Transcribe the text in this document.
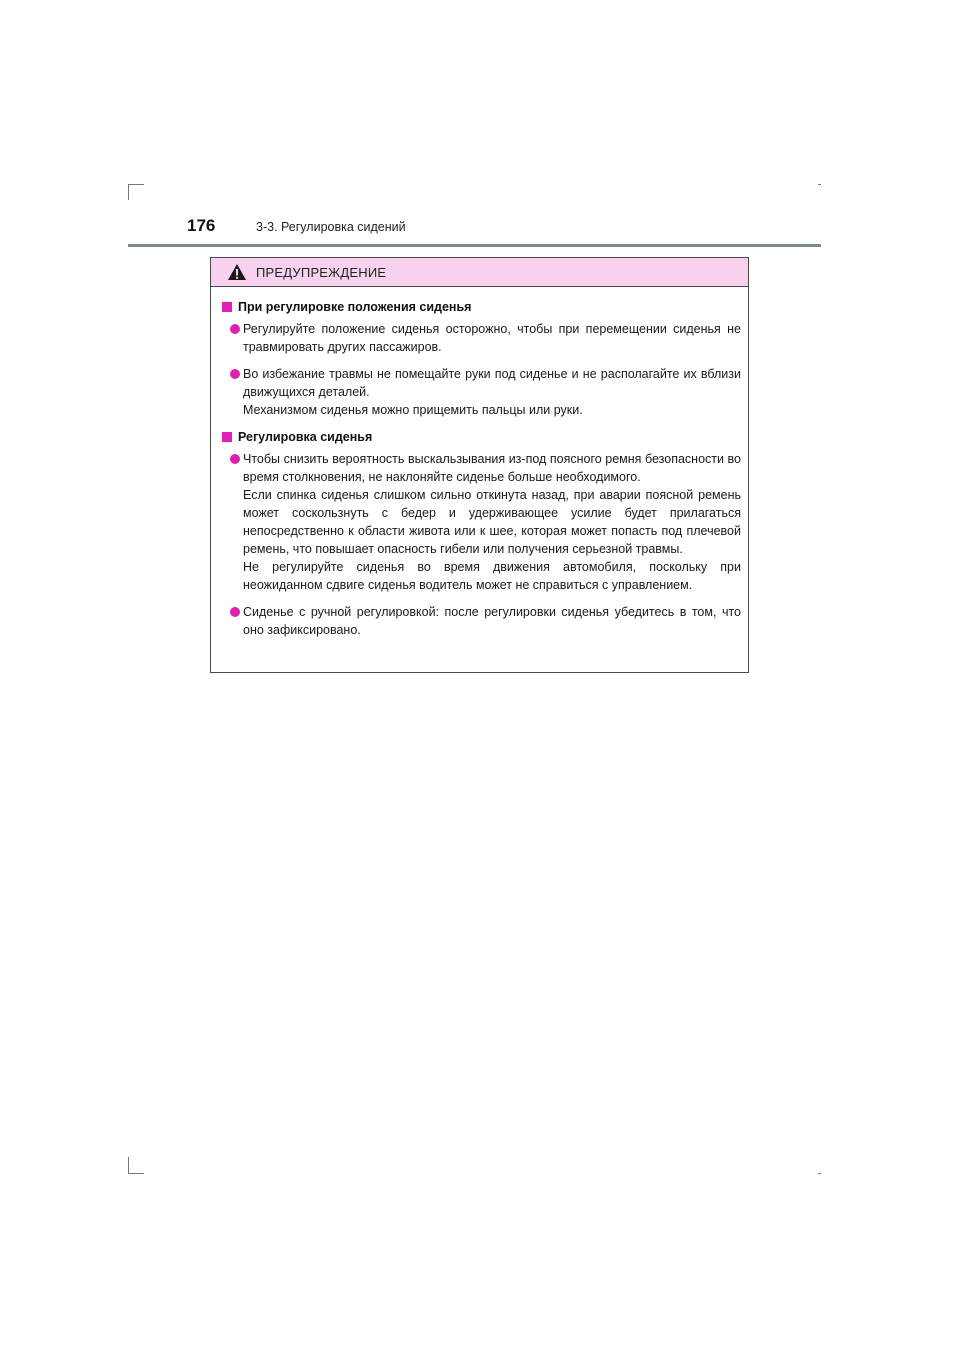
176	3-3. Регулировка сидений
ПРЕДУПРЕЖДЕНИЕ
При регулировке положения сиденья

Регулируйте положение сиденья осторожно, чтобы при перемещении сиденья не травмировать других пассажиров.

Во избежание травмы не помещайте руки под сиденье и не располагайте их вблизи движущихся деталей.

Механизмом сиденья можно прищемить пальцы или руки.

Регулировка сиденья

Чтобы снизить вероятность выскальзывания из-под поясного ремня безопасности во время столкновения, не наклоняйте сиденье больше необходимого.

Если спинка сиденья слишком сильно откинута назад, при аварии поясной ремень может соскользнуть с бедер и удерживающее усилие будет прилагаться непосредственно к области живота или к шее, которая может попасть под плечевой ремень, что повышает опасность гибели или получения серьезной травмы.

Не регулируйте сиденья во время движения автомобиля, поскольку при неожиданном сдвиге сиденья водитель может не справиться с управлением.

Сиденье с ручной регулировкой: после регулировки сиденья убедитесь в том, что оно зафиксировано.
